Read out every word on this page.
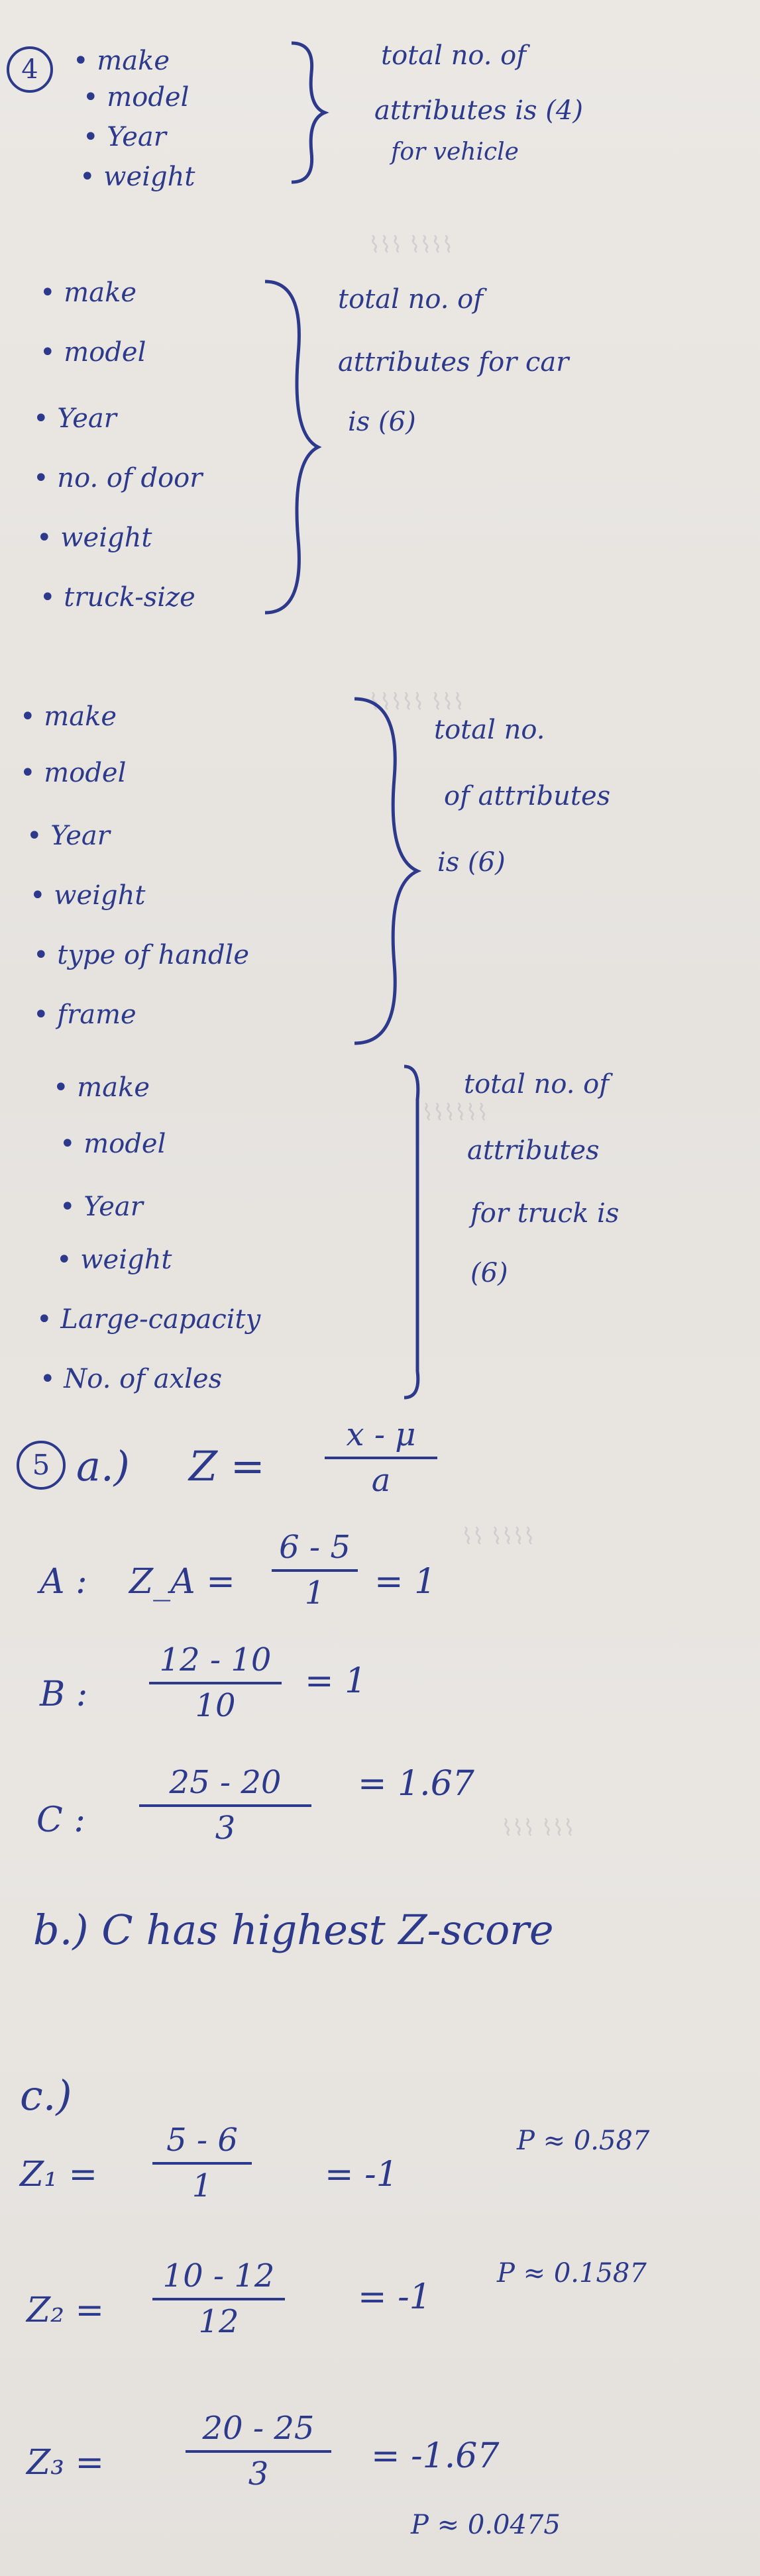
⌇⌇⌇⌇ ⌇⌇⌇
⌇⌇⌇ ⌇⌇⌇⌇⌇
⌇⌇⌇⌇⌇⌇
⌇⌇⌇⌇ ⌇⌇
⌇⌇⌇ ⌇⌇⌇
4 • make
• model
• Year
• weight
total no. of
attributes is (4)
for vehicle
• make
• model
• Year
• no. of door
• weight
• truck-size
total no. of
attributes for car
is (6)
• make
• model
• Year
• weight
• type of handle
• frame
total no.
of attributes
is (6)
• make
• model
• Year
• weight
• Large-capacity
• No. of axles
total no. of
attributes
for truck is
(6)
5 a.) Z =
x - μ
a
A : Z_A =
6 - 5
1	= 1
B :
12 - 10
10
= 1
C :
25 - 20
3
= 1.67
b.) C has highest Z-score
c.)
Z₁ =
5 - 6
1	= -1
P ≈ 0.587
Z₂ =
10 - 12
12
= -1
P ≈ 0.1587
Z₃ =
20 - 25
3	= -1.67
P ≈ 0.0475
